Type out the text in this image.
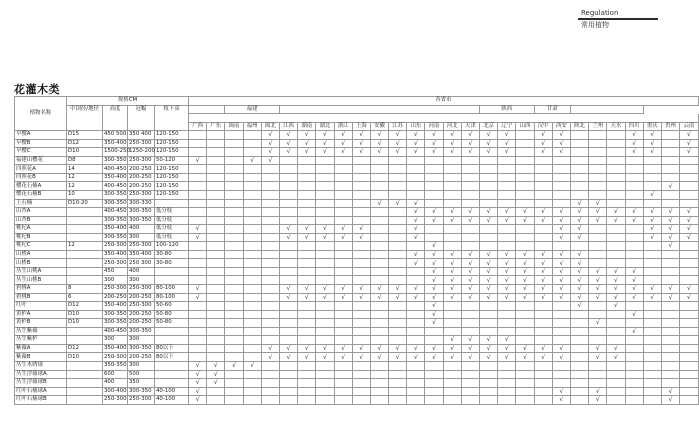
Regulation
常用植物
花灌木类
植物名称	规格CM				各省市																											
	中国径/地径	高度	冠幅	枝下高			福建														陕西			甘肃								

					广西	广东	闽南	福州	闽北	江西	湖南	湖北	浙江	上海	安徽	江苏	山东	河南	河北	天津	北京	辽宁	山西	汉中	西安	陕北	兰州	天水	四川	重庆	贵州	云南
早樱A	D15	450 500	350 400	120-150					√	√	√	√	√	√	√	√	√	√	√	√	√	√		√	√				√	√		√
早樱B	D12	350-400	250-300	120-150					√	√	√	√	√	√	√	√	√	√	√	√	√	√		√	√				√	√		√
早樱C	D10	1500-250	1250-200	120-150					√	√	√	√	√	√	√	√	√	√	√	√	√	√		√	√				√	√		√
福建山樱花	D8	300-350	250-300	50-120	√			√	√																							
四照花A	14	400-450	200-250	120-150																												
四照花B	12	350-400	200-250	120-150																												
樱花石楠A	12	400-450	200-250	120-150																											√	
樱花石楠B	10	300-350	250-300	120-150																										√		
上石楠	D10-20	300-350	300-330												√	√	√									√	√					
山杏A		400-450	300-350	低分枝													√	√	√	√	√	√	√	√	√	√	√	√	√	√	√	√
山杏B		300-350	300-350	低分枝													√	√	√	√	√	√	√	√	√	√	√	√	√	√	√	√
桃杞A		350-400	400	低分枝	√					√	√	√	√	√			√								√	√				√	√	√
桃杞B		300-350	300	低分枝	√					√	√	√	√	√			√								√	√				√	√	√
桃杞C	12	250-300	250-300	100-120														√													√	
山楂A		350-400	350-400	30-80													√	√	√	√	√	√	√	√	√	√						
山楂B		250-300	250 300	30-80													√	√	√	√	√	√	√	√	√	√						
丛生山桃A		450	400															√	√	√	√	√	√	√	√	√	√	√	√			
丛生山桃B		300	300															√	√	√	√	√	√	√	√	√	√	√	√			
碧桃A	8	250-300	250-300	80-100	√					√	√	√	√	√	√	√	√	√	√	√	√	√	√	√	√	√	√	√	√	√	√	√
碧桃B	6	200-250	200-250	80-100	√					√	√	√	√	√	√	√	√	√	√	√	√	√	√	√	√	√	√	√	√	√	√	√
红叶	D12	350-400	250-300	50-60														√								√		√				
黄栌A	D10	300-350	200-250	50-80														√											√			
黄栌B	D10	300-350	200-250	50-80														√									√					
丛生紫薇		400-450	300-350																										√			
丛生紫栌		300	300																√	√	√	√										
紫薇A	D12	350-400	300-350	80以下					√	√	√	√	√	√	√	√	√	√	√	√	√	√	√	√	√		√	√				
紫薇B	D10	250-300	200-250	80以下					√	√	√	√	√	√	√	√	√	√	√	√	√	√	√	√	√		√	√				
丛生木绣球		350-350	300		√	√	√	√																								
丛生浮薇球A		600	500		√	√																										
丛生浮薇球B		400	350		√	√																										
红叶石楠球A		300-400	300-350	40-100	√																				√		√				√	
红叶石楠球B		250-300	250-300	40-100	√																				√		√				√	
